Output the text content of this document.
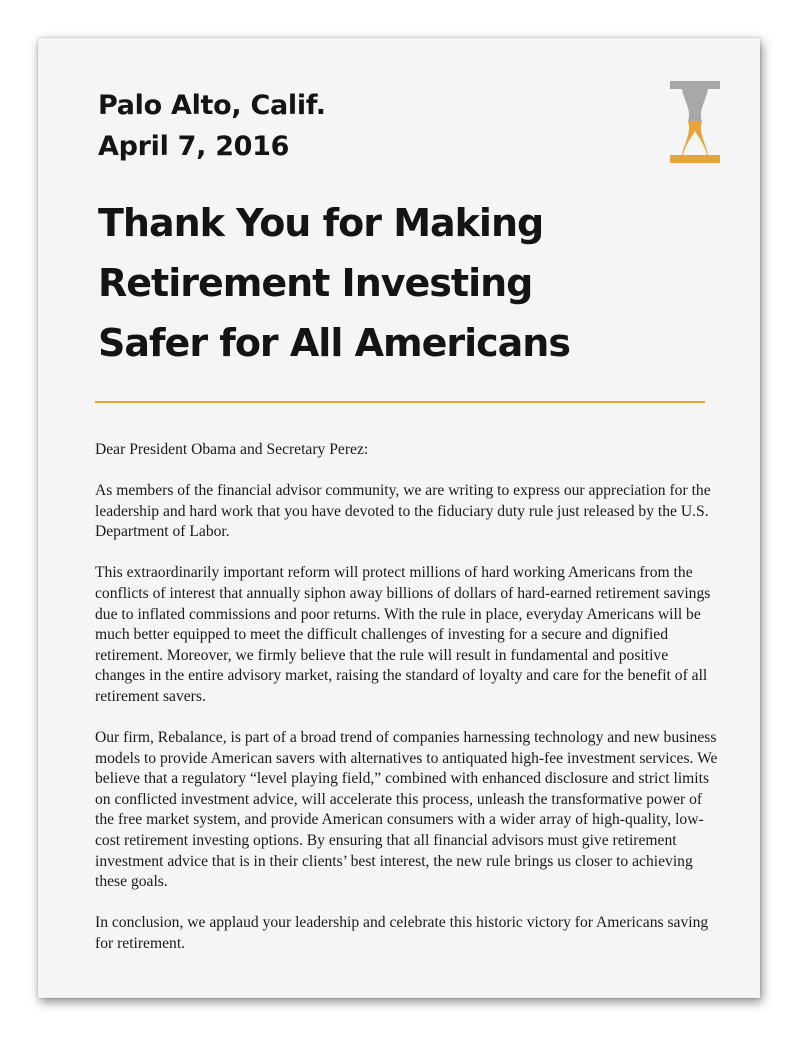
Palo Alto, Calif.
April 7, 2016
Thank You for Making
Retirement Investing
Safer for All Americans

Dear President Obama and Secretary Perez:

As members of the financial advisor community, we are writing to express our appreciation for the leadership and hard work that you have devoted to the fiduciary duty rule just released by the U.S. Department of Labor.

This extraordinarily important reform will protect millions of hard working Americans from the conflicts of interest that annually siphon away billions of dollars of hard-earned retirement savings due to inflated commissions and poor returns. With the rule in place, everyday Americans will be much better equipped to meet the difficult challenges of investing for a secure and dignified retirement. Moreover, we firmly believe that the rule will result in fundamental and positive changes in the entire advisory market, raising the standard of loyalty and care for the benefit of all retirement savers.

Our firm, Rebalance, is part of a broad trend of companies harnessing technology and new business models to provide American savers with alternatives to antiquated high-fee investment services. We believe that a regulatory “level playing field,” combined with enhanced disclosure and strict limits on conflicted investment advice, will accelerate this process, unleash the transformative power of the free market system, and provide American consumers with a wider array of high-quality, low-cost retirement investing options. By ensuring that all financial advisors must give retirement investment advice that is in their clients’ best interest, the new rule brings us closer to achieving these goals.

In conclusion, we applaud your leadership and celebrate this historic victory for Americans saving for retirement.
